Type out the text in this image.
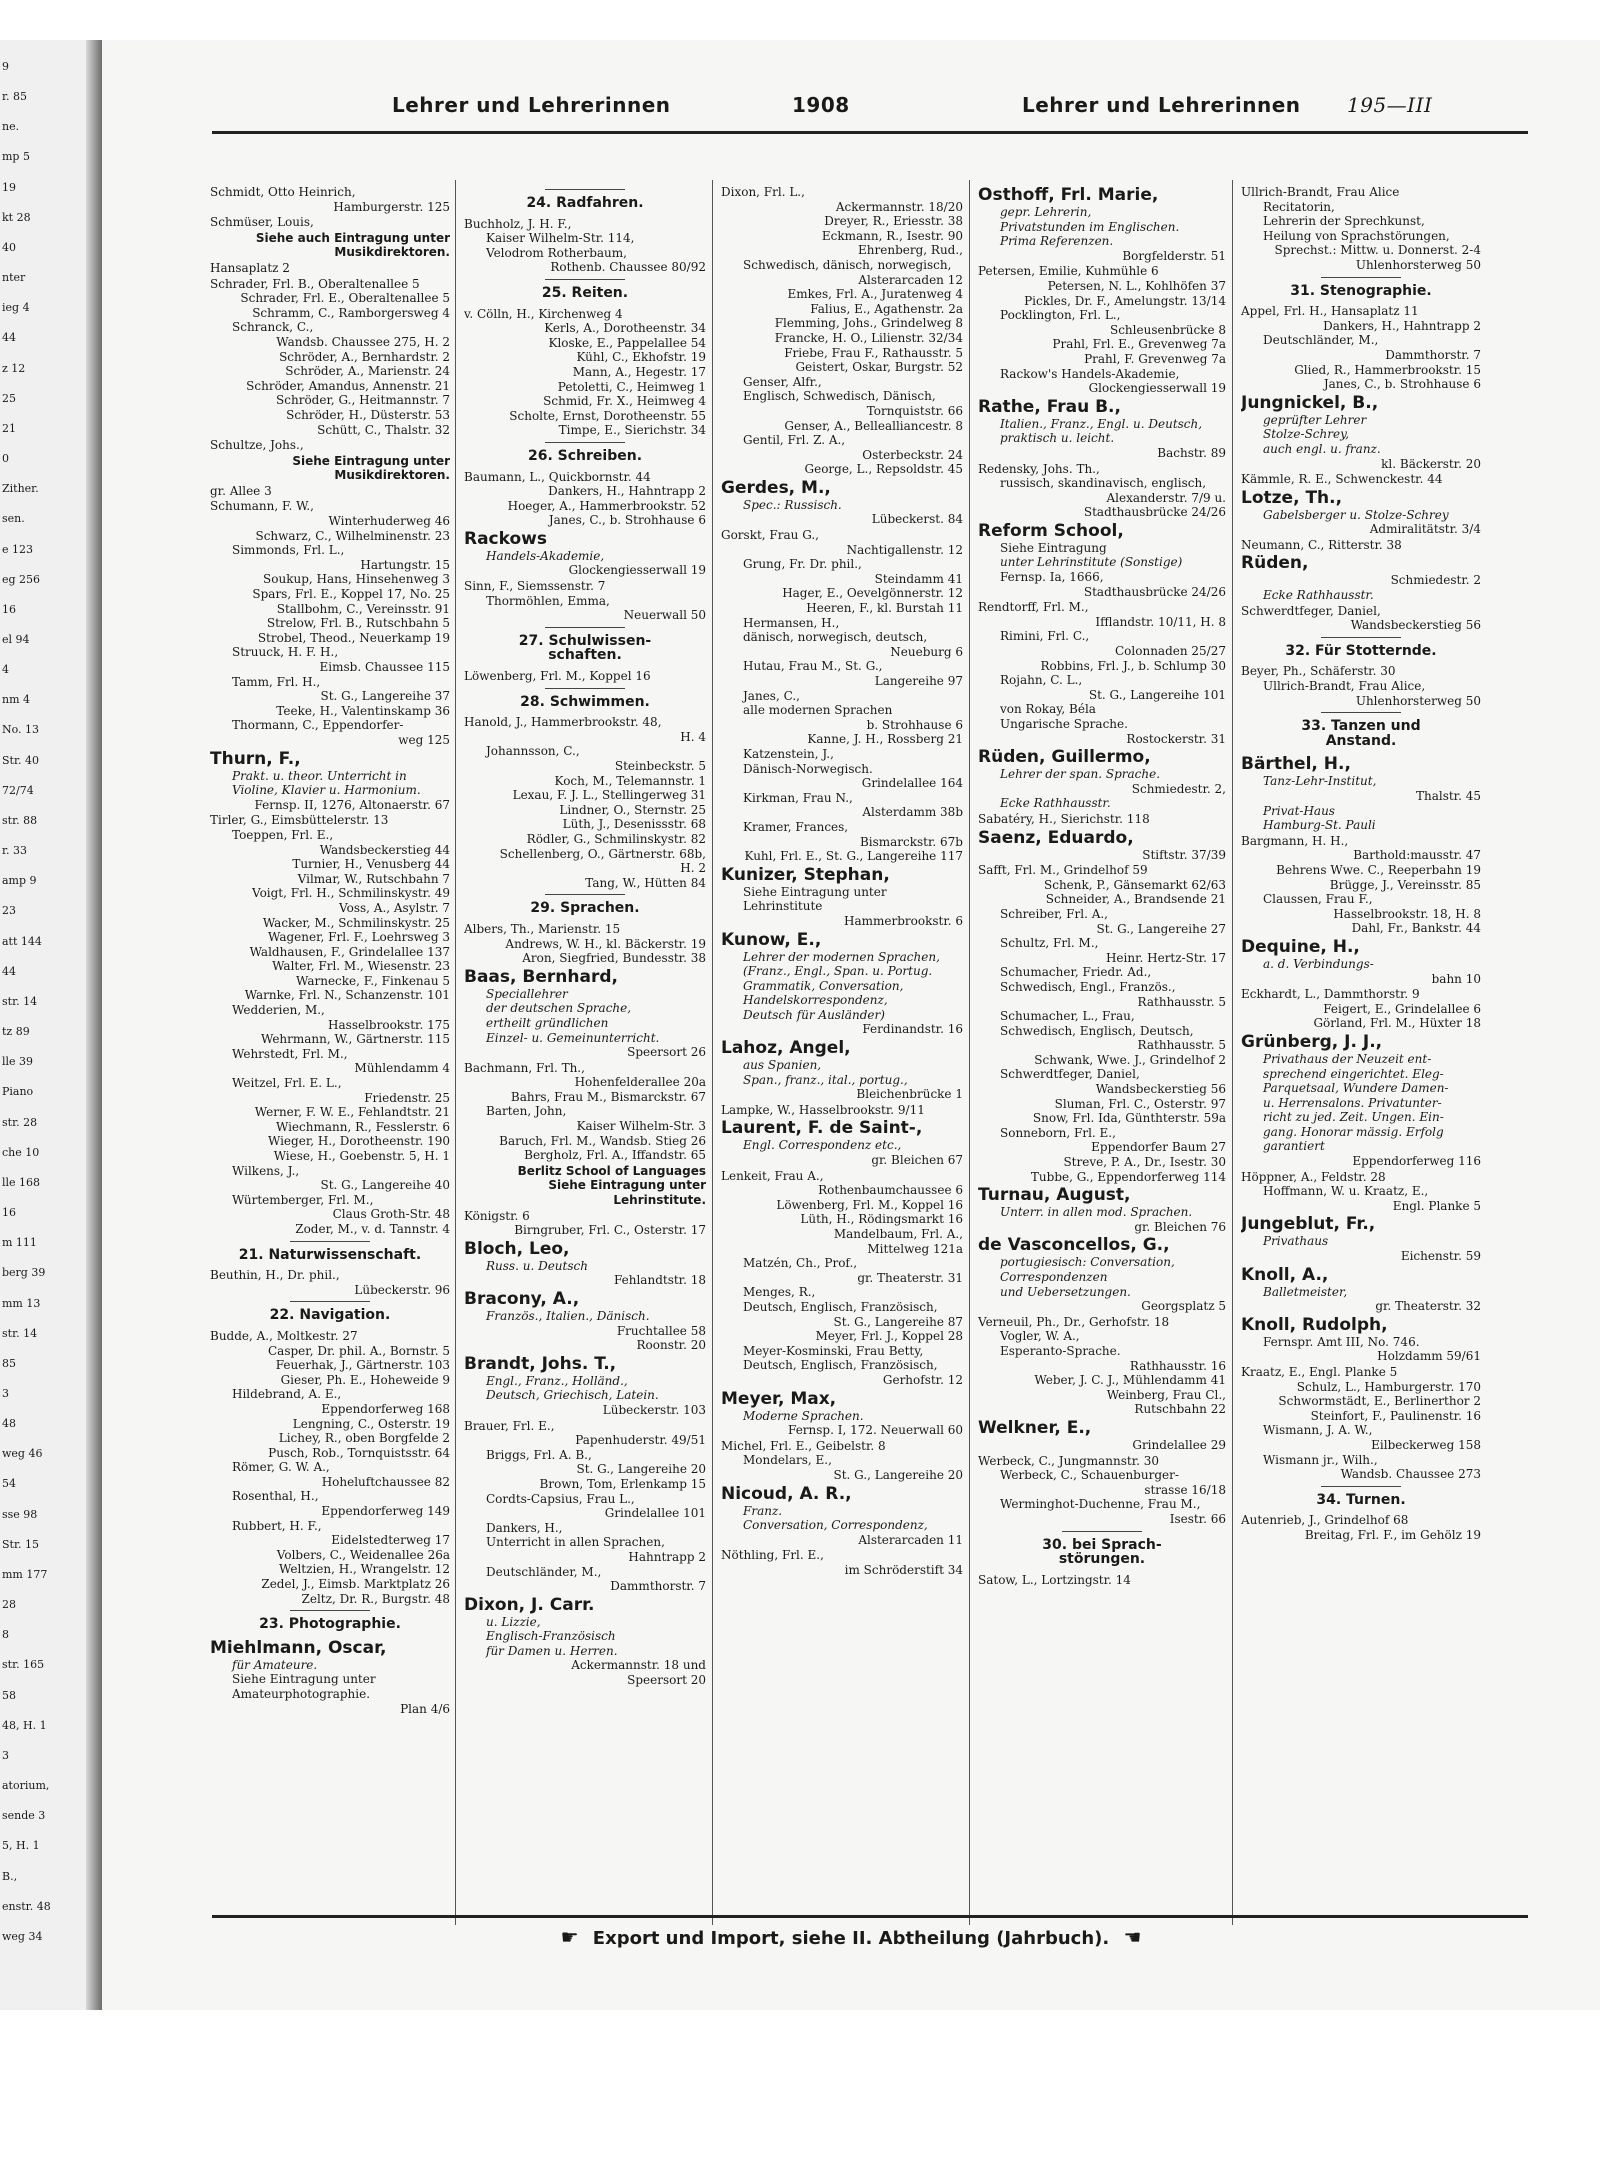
9
r. 85
ne.
mp 5
19
kt 28
40
nter
ieg 4
44
z 12
25
21
0
Zither.
sen.
e 123
eg 256
16
el 94
4
nm 4
No. 13
Str. 40
72/74
str. 88
r. 33
amp 9
23
att 144
44
str. 14
tz 89
lle 39
Piano
str. 28
che 10
lle 168
16
m 111
berg 39
mm 13
str. 14
85
3
48
weg 46
54
sse 98
Str. 15
mm 177
28
8
str. 165
58
48, H. 1
3
atorium,
sende 3
5, H. 1
B.,
enstr. 48
weg 34
Lehrer und Lehrerinnen	1908	Lehrer und Lehrerinnen 195—III
Schmidt, Otto Heinrich,
Hamburgerstr. 125
Schmüser, Louis,
Siehe auch Eintragung unter
Musikdirektoren.
Hansaplatz 2
Schrader, Frl. B., Oberaltenallee 5
Schrader, Frl. E., Oberaltenallee 5
Schramm, C., Ramborgersweg 4
Schranck, C.,
Wandsb. Chaussee 275, H. 2
Schröder, A., Bernhardstr. 2
Schröder, A., Marienstr. 24
Schröder, Amandus, Annenstr. 21
Schröder, G., Heitmannstr. 7
Schröder, H., Düsterstr. 53
Schütt, C., Thalstr. 32
Schultze, Johs.,
Siehe Eintragung unter
Musikdirektoren.
gr. Allee 3
Schumann, F. W.,
Winterhuderweg 46
Schwarz, C., Wilhelminenstr. 23
Simmonds, Frl. L.,
Hartungstr. 15
Soukup, Hans, Hinsehenweg 3
Spars, Frl. E., Koppel 17, No. 25
Stallbohm, C., Vereinsstr. 91
Strelow, Frl. B., Rutschbahn 5
Strobel, Theod., Neuerkamp 19
Struuck, H. F. H.,
Eimsb. Chaussee 115
Tamm, Frl. H.,
St. G., Langereihe 37
Teeke, H., Valentinskamp 36
Thormann, C., Eppendorfer-
weg 125
Thurn, F.,
Prakt. u. theor. Unterricht in
Violine, Klavier u. Harmonium.
Fernsp. II, 1276, Altonaerstr. 67
Tirler, G., Eimsbüttelerstr. 13
Toeppen, Frl. E.,
Wandsbeckerstieg 44
Turnier, H., Venusberg 44
Vilmar, W., Rutschbahn 7
Voigt, Frl. H., Schmilinskystr. 49
Voss, A., Asylstr. 7
Wacker, M., Schmilinskystr. 25
Wagener, Frl. F., Loehrsweg 3
Waldhausen, F., Grindelallee 137
Walter, Frl. M., Wiesenstr. 23
Warnecke, F., Finkenau 5
Warnke, Frl. N., Schanzenstr. 101
Wedderien, M.,
Hasselbrookstr. 175
Wehrmann, W., Gärtnerstr. 115
Wehrstedt, Frl. M.,
Mühlendamm 4
Weitzel, Frl. E. L.,
Friedenstr. 25
Werner, F. W. E., Fehlandtstr. 21
Wiechmann, R., Fesslerstr. 6
Wieger, H., Dorotheenstr. 190
Wiese, H., Goebenstr. 5, H. 1
Wilkens, J.,
St. G., Langereihe 40
Würtemberger, Frl. M.,
Claus Groth-Str. 48
Zoder, M., v. d. Tannstr. 4
21. Naturwissenschaft.
Beuthin, H., Dr. phil.,
Lübeckerstr. 96
22. Navigation.
Budde, A., Moltkestr. 27
Casper, Dr. phil. A., Bornstr. 5
Feuerhak, J., Gärtnerstr. 103
Gieser, Ph. E., Hoheweide 9
Hildebrand, A. E.,
Eppendorferweg 168
Lengning, C., Osterstr. 19
Lichey, R., oben Borgfelde 2
Pusch, Rob., Tornquistsstr. 64
Römer, G. W. A.,
Hoheluftchaussee 82
Rosenthal, H.,
Eppendorferweg 149
Rubbert, H. F.,
Eidelstedterweg 17
Volbers, C., Weidenallee 26a
Weltzien, H., Wrangelstr. 12
Zedel, J., Eimsb. Marktplatz 26
Zeltz, Dr. R., Burgstr. 48
23. Photographie.
Miehlmann, Oscar,
für Amateure.
Siehe Eintragung unter
Amateurphotographie.
Plan 4/6
24. Radfahren.
Buchholz, J. H. F.,
Kaiser Wilhelm-Str. 114,
Velodrom Rotherbaum,
Rothenb. Chaussee 80/92
25. Reiten.
v. Cölln, H., Kirchenweg 4
Kerls, A., Dorotheenstr. 34
Kloske, E., Pappelallee 54
Kühl, C., Ekhofstr. 19
Mann, A., Hegestr. 17
Petoletti, C., Heimweg 1
Schmid, Fr. X., Heimweg 4
Scholte, Ernst, Dorotheenstr. 55
Timpe, E., Sierichstr. 34
26. Schreiben.
Baumann, L., Quickbornstr. 44
Dankers, H., Hahntrapp 2
Hoeger, A., Hammerbrookstr. 52
Janes, C., b. Strohhause 6
Rackows
Handels-Akademie,
Glockengiesserwall 19
Sinn, F., Siemssenstr. 7
Thormöhlen, Emma,
Neuerwall 50
27. Schulwissen-
schaften.
Löwenberg, Frl. M., Koppel 16
28. Schwimmen.
Hanold, J., Hammerbrookstr. 48,
H. 4
Johannsson, C.,
Steinbeckstr. 5
Koch, M., Telemannstr. 1
Lexau, F. J. L., Stellingerweg 31
Lindner, O., Sternstr. 25
Lüth, J., Desenissstr. 68
Rödler, G., Schmilinskystr. 82
Schellenberg, O., Gärtnerstr. 68b,
H. 2
Tang, W., Hütten 84
29. Sprachen.
Albers, Th., Marienstr. 15
Andrews, W. H., kl. Bäckerstr. 19
Aron, Siegfried, Bundesstr. 38
Baas, Bernhard,
Speciallehrer
der deutschen Sprache,
ertheilt gründlichen
Einzel- u. Gemeinunterricht.
Speersort 26
Bachmann, Frl. Th.,
Hohenfelderallee 20a
Bahrs, Frau M., Bismarckstr. 67
Barten, John,
Kaiser Wilhelm-Str. 3
Baruch, Frl. M., Wandsb. Stieg 26
Bergholz, Frl. A., Iffandstr. 65
Berlitz School of Languages
Siehe Eintragung unter
Lehrinstitute.
Königstr. 6
Birngruber, Frl. C., Osterstr. 17
Bloch, Leo,
Russ. u. Deutsch
Fehlandtstr. 18
Bracony, A.,
Französ., Italien., Dänisch.
Fruchtallee 58
Roonstr. 20
Brandt, Johs. T.,
Engl., Franz., Holländ.,
Deutsch, Griechisch, Latein.
Lübeckerstr. 103
Brauer, Frl. E.,
Papenhuderstr. 49/51
Briggs, Frl. A. B.,
St. G., Langereihe 20
Brown, Tom, Erlenkamp 15
Cordts-Capsius, Frau L.,
Grindelallee 101
Dankers, H.,
Unterricht in allen Sprachen,
Hahntrapp 2
Deutschländer, M.,
Dammthorstr. 7
Dixon, J. Carr.
u. Lizzie,
Englisch-Französisch
für Damen u. Herren.
Ackermannstr. 18 und
Speersort 20
Dixon, Frl. L.,
Ackermannstr. 18/20
Dreyer, R., Eriesstr. 38
Eckmann, R., Isestr. 90
Ehrenberg, Rud.,
Schwedisch, dänisch, norwegisch,
Alsterarcaden 12
Emkes, Frl. A., Juratenweg 4
Falius, E., Agathenstr. 2a
Flemming, Johs., Grindelweg 8
Francke, H. O., Lilienstr. 32/34
Friebe, Frau F., Rathausstr. 5
Geistert, Oskar, Burgstr. 52
Genser, Alfr.,
Englisch, Schwedisch, Dänisch,
Tornquiststr. 66
Genser, A., Bellealliancestr. 8
Gentil, Frl. Z. A.,
Osterbeckstr. 24
George, L., Repsoldstr. 45
Gerdes, M.,
Spec.: Russisch.
Lübeckerst. 84
Gorskt, Frau G.,
Nachtigallenstr. 12
Grung, Fr. Dr. phil.,
Steindamm 41
Hager, E., Oevelgönnerstr. 12
Heeren, F., kl. Burstah 11
Hermansen, H.,
dänisch, norwegisch, deutsch,
Neueburg 6
Hutau, Frau M., St. G.,
Langereihe 97
Janes, C.,
alle modernen Sprachen
b. Strohhause 6
Kanne, J. H., Rossberg 21
Katzenstein, J.,
Dänisch-Norwegisch.
Grindelallee 164
Kirkman, Frau N.,
Alsterdamm 38b
Kramer, Frances,
Bismarckstr. 67b
Kuhl, Frl. E., St. G., Langereihe 117
Kunizer, Stephan,
Siehe Eintragung unter
Lehrinstitute
Hammerbrookstr. 6
Kunow, E.,
Lehrer der modernen Sprachen,
(Franz., Engl., Span. u. Portug.
Grammatik, Conversation,
Handelskorrespondenz,
Deutsch für Ausländer)
Ferdinandstr. 16
Lahoz, Angel,
aus Spanien,
Span., franz., ital., portug.,
Bleichenbrücke 1
Lampke, W., Hasselbrookstr. 9/11
Laurent, F. de Saint-,
Engl. Correspondenz etc.,
gr. Bleichen 67
Lenkeit, Frau A.,
Rothenbaumchaussee 6
Löwenberg, Frl. M., Koppel 16
Lüth, H., Rödingsmarkt 16
Mandelbaum, Frl. A.,
Mittelweg 121a
Matzén, Ch., Prof.,
gr. Theaterstr. 31
Menges, R.,
Deutsch, Englisch, Französisch,
St. G., Langereihe 87
Meyer, Frl. J., Koppel 28
Meyer-Kosminski, Frau Betty,
Deutsch, Englisch, Französisch,
Gerhofstr. 12
Meyer, Max,
Moderne Sprachen.
Fernsp. I, 172. Neuerwall 60
Michel, Frl. E., Geibelstr. 8
Mondelars, E.,
St. G., Langereihe 20
Nicoud, A. R.,
Franz.
Conversation, Correspondenz,
Alsterarcaden 11
Nöthling, Frl. E.,
im Schröderstift 34
Osthoff, Frl. Marie,
gepr. Lehrerin,
Privatstunden im Englischen.
Prima Referenzen.
Borgfelderstr. 51
Petersen, Emilie, Kuhmühle 6
Petersen, N. L., Kohlhöfen 37
Pickles, Dr. F., Amelungstr. 13/14
Pocklington, Frl. L.,
Schleusenbrücke 8
Prahl, Frl. E., Grevenweg 7a
Prahl, F. Grevenweg 7a
Rackow's Handels-Akademie,
Glockengiesserwall 19
Rathe, Frau B.,
Italien., Franz., Engl. u. Deutsch,
praktisch u. leicht.
Bachstr. 89
Redensky, Johs. Th.,
russisch, skandinavisch, englisch,
Alexanderstr. 7/9 u.
Stadthausbrücke 24/26
Reform School,
Siehe Eintragung
unter Lehrinstitute (Sonstige)
Fernsp. Ia, 1666,
Stadthausbrücke 24/26
Rendtorff, Frl. M.,
Ifflandstr. 10/11, H. 8
Rimini, Frl. C.,
Colonnaden 25/27
Robbins, Frl. J., b. Schlump 30
Rojahn, C. L.,
St. G., Langereihe 101
von Rokay, Béla
Ungarische Sprache.
Rostockerstr. 31
Rüden, Guillermo,
Lehrer der span. Sprache.
Schmiedestr. 2,
Ecke Rathhausstr.
Sabatéry, H., Sierichstr. 118
Saenz, Eduardo,
Stiftstr. 37/39
Safft, Frl. M., Grindelhof 59
Schenk, P., Gänsemarkt 62/63
Schneider, A., Brandsende 21
Schreiber, Frl. A.,
St. G., Langereihe 27
Schultz, Frl. M.,
Heinr. Hertz-Str. 17
Schumacher, Friedr. Ad.,
Schwedisch, Engl., Französ.,
Rathhausstr. 5
Schumacher, L., Frau,
Schwedisch, Englisch, Deutsch,
Rathhausstr. 5
Schwank, Wwe. J., Grindelhof 2
Schwerdtfeger, Daniel,
Wandsbeckerstieg 56
Sluman, Frl. C., Osterstr. 97
Snow, Frl. Ida, Günthterstr. 59a
Sonneborn, Frl. E.,
Eppendorfer Baum 27
Streve, P. A., Dr., Isestr. 30
Tubbe, G., Eppendorferweg 114
Turnau, August,
Unterr. in allen mod. Sprachen.
gr. Bleichen 76
de Vasconcellos, G.,
portugiesisch: Conversation,
Correspondenzen
und Uebersetzungen.
Georgsplatz 5
Verneuil, Ph., Dr., Gerhofstr. 18
Vogler, W. A.,
Esperanto-Sprache.
Rathhausstr. 16
Weber, J. C. J., Mühlendamm 41
Weinberg, Frau Cl.,
Rutschbahn 22
Welkner, E.,
Grindelallee 29
Werbeck, C., Jungmannstr. 30
Werbeck, C., Schauenburger-
strasse 16/18
Werminghot-Duchenne, Frau M.,
Isestr. 66
30. bei Sprach-
störungen.
Satow, L., Lortzingstr. 14
Ullrich-Brandt, Frau Alice
Recitatorin,
Lehrerin der Sprechkunst,
Heilung von Sprachstörungen,
Sprechst.: Mittw. u. Donnerst. 2-4
Uhlenhorsterweg 50
31. Stenographie.
Appel, Frl. H., Hansaplatz 11
Dankers, H., Hahntrapp 2
Deutschländer, M.,
Dammthorstr. 7
Glied, R., Hammerbrookstr. 15
Janes, C., b. Strohhause 6
Jungnickel, B.,
geprüfter Lehrer
Stolze-Schrey,
auch engl. u. franz.
kl. Bäckerstr. 20
Kämmle, R. E., Schwenckestr. 44
Lotze, Th.,
Gabelsberger u. Stolze-Schrey
Admiralitätstr. 3/4
Neumann, C., Ritterstr. 38
Rüden,
Schmiedestr. 2
Ecke Rathhausstr.
Schwerdtfeger, Daniel,
Wandsbeckerstieg 56
32. Für Stotternde.
Beyer, Ph., Schäferstr. 30
Ullrich-Brandt, Frau Alice,
Uhlenhorsterweg 50
33. Tanzen und
Anstand.
Bärthel, H.,
Tanz-Lehr-Institut,
Thalstr. 45
Privat-Haus
Hamburg-St. Pauli
Bargmann, H. H.,
Barthold:mausstr. 47
Behrens Wwe. C., Reeperbahn 19
Brügge, J., Vereinsstr. 85
Claussen, Frau F.,
Hasselbrookstr. 18, H. 8
Dahl, Fr., Bankstr. 44
Dequine, H.,
a. d. Verbindungs-
bahn 10
Eckhardt, L., Dammthorstr. 9
Feigert, E., Grindelallee 6
Görland, Frl. M., Hüxter 18
Grünberg, J. J.,
Privathaus der Neuzeit ent-
sprechend eingerichtet. Eleg-
Parquetsaal, Wundere Damen-
u. Herrensalons. Privatunter-
richt zu jed. Zeit. Ungen. Ein-
gang. Honorar mässig. Erfolg
garantiert
Eppendorferweg 116
Höppner, A., Feldstr. 28
Hoffmann, W. u. Kraatz, E.,
Engl. Planke 5
Jungeblut, Fr.,
Privathaus
Eichenstr. 59
Knoll, A.,
Balletmeister,
gr. Theaterstr. 32
Knoll, Rudolph,
Fernspr. Amt III, No. 746.
Holzdamm 59/61
Kraatz, E., Engl. Planke 5
Schulz, L., Hamburgerstr. 170
Schwormstädt, E., Berlinerthor 2
Steinfort, F., Paulinenstr. 16
Wismann, J. A. W.,
Eilbeckerweg 158
Wismann jr., Wilh.,
Wandsb. Chaussee 273
34. Turnen.
Autenrieb, J., Grindelhof 68
Breitag, Frl. F., im Gehölz 19
☛ Export und Import, siehe II. Abtheilung (Jahrbuch). ☚
